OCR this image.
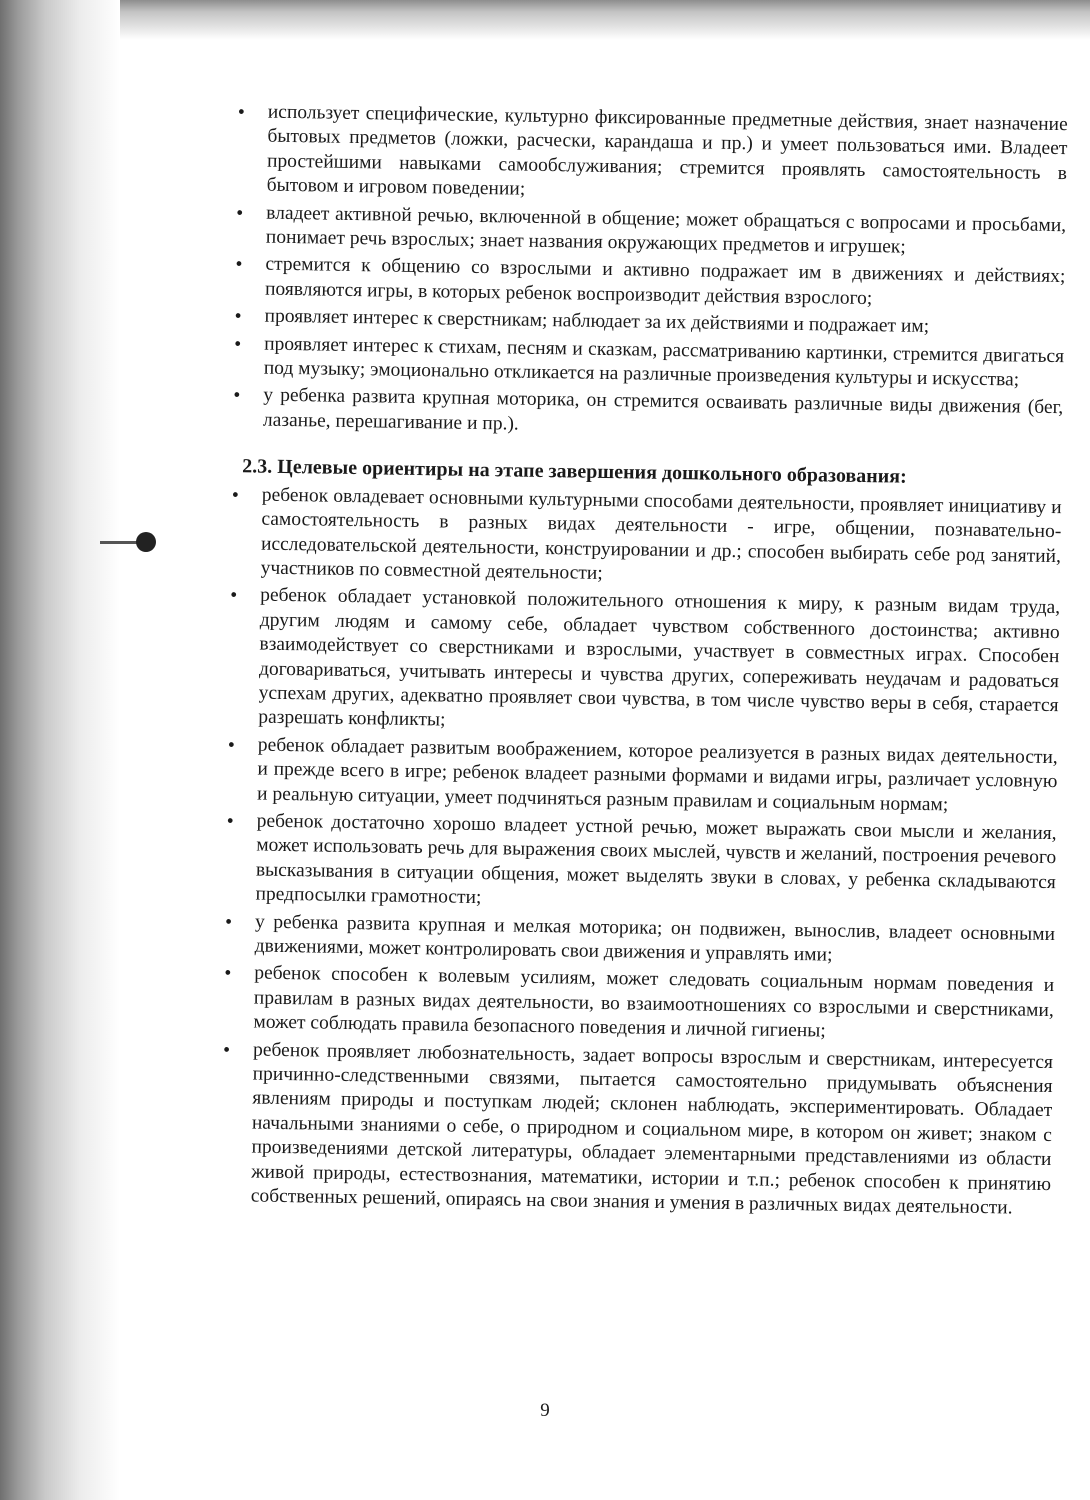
• использует специфические, культурно фиксированные предметные действия, знает назначение бытовых предметов (ложки, расчески, карандаша и пр.) и умеет пользоваться ими. Владеет простейшими навыками самообслуживания; стремится проявлять самостоятельность в бытовом и игровом поведении;
• владеет активной речью, включенной в общение; может обращаться с вопросами и просьбами, понимает речь взрослых; знает названия окружающих предметов и игрушек;
• стремится к общению со взрослыми и активно подражает им в движениях и действиях; появляются игры, в которых ребенок воспроизводит действия взрослого;
• проявляет интерес к сверстникам; наблюдает за их действиями и подражает им;
• проявляет интерес к стихам, песням и сказкам, рассматриванию картинки, стремится двигаться под музыку; эмоционально откликается на различные произведения культуры и искусства;
• у ребенка развита крупная моторика, он стремится осваивать различные виды движения (бег, лазанье, перешагивание и пр.).
2.3. Целевые ориентиры на этапе завершения дошкольного образования:
• ребенок овладевает основными культурными способами деятельности, проявляет инициативу и самостоятельность в разных видах деятельности - игре, общении, познавательно-исследовательской деятельности, конструировании и др.; способен выбирать себе род занятий, участников по совместной деятельности;
• ребенок обладает установкой положительного отношения к миру, к разным видам труда, другим людям и самому себе, обладает чувством собственного достоинства; активно взаимодействует со сверстниками и взрослыми, участвует в совместных играх. Способен договариваться, учитывать интересы и чувства других, сопереживать неудачам и радоваться успехам других, адекватно проявляет свои чувства, в том числе чувство веры в себя, старается разрешать конфликты;
• ребенок обладает развитым воображением, которое реализуется в разных видах деятельности, и прежде всего в игре; ребенок владеет разными формами и видами игры, различает условную и реальную ситуации, умеет подчиняться разным правилам и социальным нормам;
• ребенок достаточно хорошо владеет устной речью, может выражать свои мысли и желания, может использовать речь для выражения своих мыслей, чувств и желаний, построения речевого высказывания в ситуации общения, может выделять звуки в словах, у ребенка складываются предпосылки грамотности;
• у ребенка развита крупная и мелкая моторика; он подвижен, вынослив, владеет основными движениями, может контролировать свои движения и управлять ими;
• ребенок способен к волевым усилиям, может следовать социальным нормам поведения и правилам в разных видах деятельности, во взаимоотношениях со взрослыми и сверстниками, может соблюдать правила безопасного поведения и личной гигиены;
• ребенок проявляет любознательность, задает вопросы взрослым и сверстникам, интересуется причинно-следственными связями, пытается самостоятельно придумывать объяснения явлениям природы и поступкам людей; склонен наблюдать, экспериментировать. Обладает начальными знаниями о себе, о природном и социальном мире, в котором он живет; знаком с произведениями детской литературы, обладает элементарными представлениями из области живой природы, естествознания, математики, истории и т.п.; ребенок способен к принятию собственных решений, опираясь на свои знания и умения в различных видах деятельности.
9
